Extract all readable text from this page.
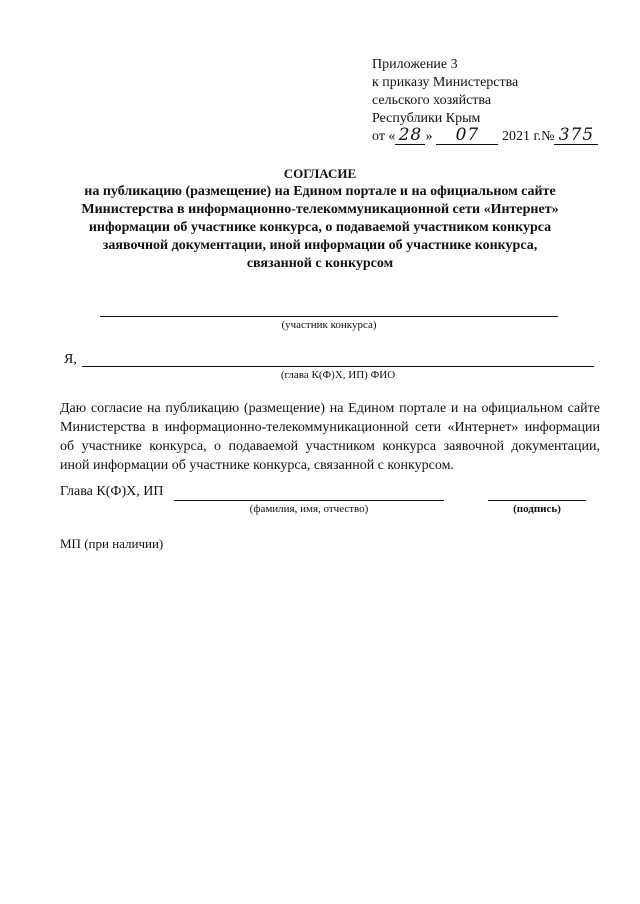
Приложение 3
к приказу Министерства
сельского хозяйства
Республики Крым
от « 28 » 07 2021 г.№ 375
СОГЛАСИЕ
на публикацию (размещение) на Едином портале и на официальном сайте
Министерства в информационно-телекоммуникационной сети «Интернет»
информации об участнике конкурса, о подаваемой участником конкурса
заявочной документации, иной информации об участнике конкурса,
связанной с конкурсом
(участник конкурса)
Я,
(глава К(Ф)Х, ИП) ФИО
Даю согласие на публикацию (размещение) на Едином портале и на официальном сайте Министерства в информационно-телекоммуникационной сети «Интернет» информации об участнике конкурса, о подаваемой участником конкурса заявочной документации, иной информации об участнике конкурса, связанной с конкурсом.
Глава К(Ф)Х, ИП
(фамилия, имя, отчество)	(подпись)
МП (при наличии)
